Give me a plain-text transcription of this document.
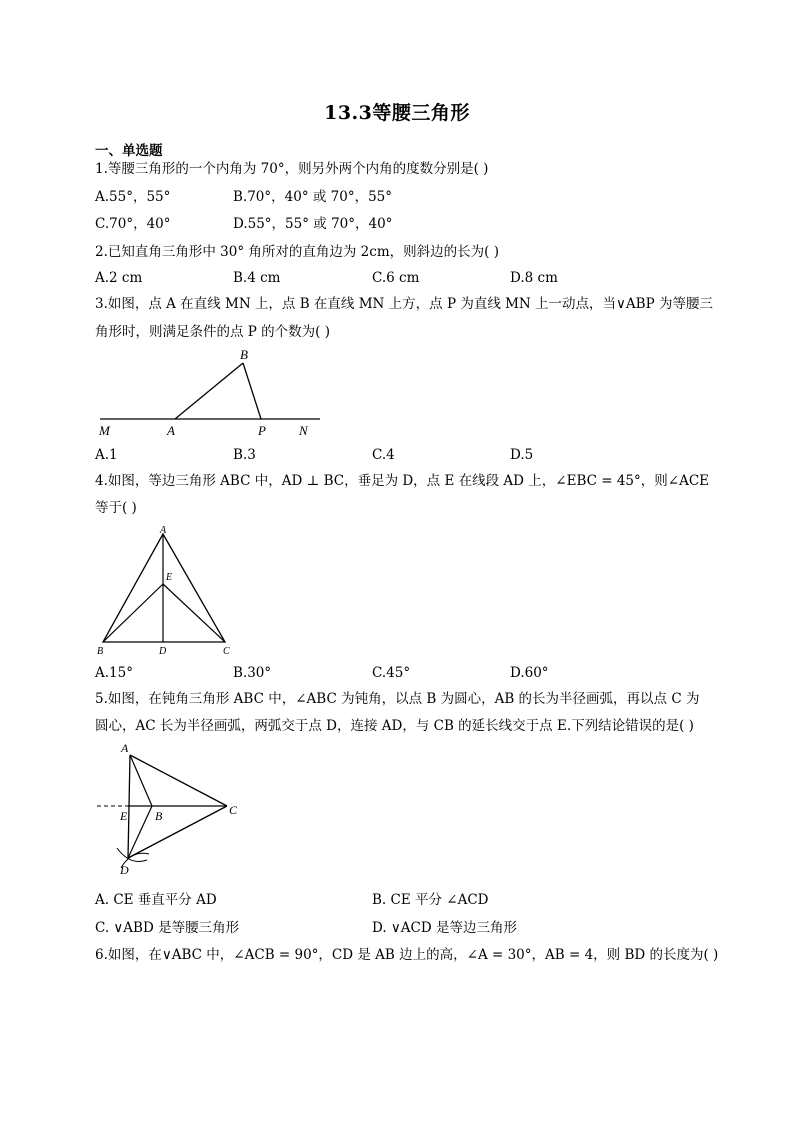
13.3等腰三角形
一、单选题
1.等腰三角形的一个内角为 70°，则另外两个内角的度数分别是( )
A.55°，55°	B.70°，40° 或 70°，55°
C.70°，40°	D.55°，55° 或 70°，40°
2.已知直角三角形中 30° 角所对的直角边为 2cm，则斜边的长为( )
A.2 cm	B.4 cm	C.6 cm	D.8 cm
3.如图，点 A 在直线 MN 上，点 B 在直线 MN 上方，点 P 为直线 MN 上一动点，当∨ABP 为等腰三
角形时，则满足条件的点 P 的个数为( )
B
M	A	P	N
A.1	B.3	C.4	D.5
4.如图，等边三角形 ABC 中，AD ⊥ BC，垂足为 D，点 E 在线段 AD 上，∠EBC = 45°，则∠ACE
等于( )
A
E
B	D	C
A.15°	B.30°	C.45°	D.60°
5.如图，在钝角三角形 ABC 中，∠ABC 为钝角，以点 B 为圆心，AB 的长为半径画弧，再以点 C 为
圆心，AC 长为半径画弧，两弧交于点 D，连接 AD，与 CB 的延长线交于点 E.下列结论错误的是( )
A
E B	C
D
A. CE 垂直平分 AD	B. CE 平分 ∠ACD
C. ∨ABD 是等腰三角形	D. ∨ACD 是等边三角形
6.如图，在∨ABC 中，∠ACB = 90°，CD 是 AB 边上的高，∠A = 30°，AB = 4，则 BD 的长度为( )
